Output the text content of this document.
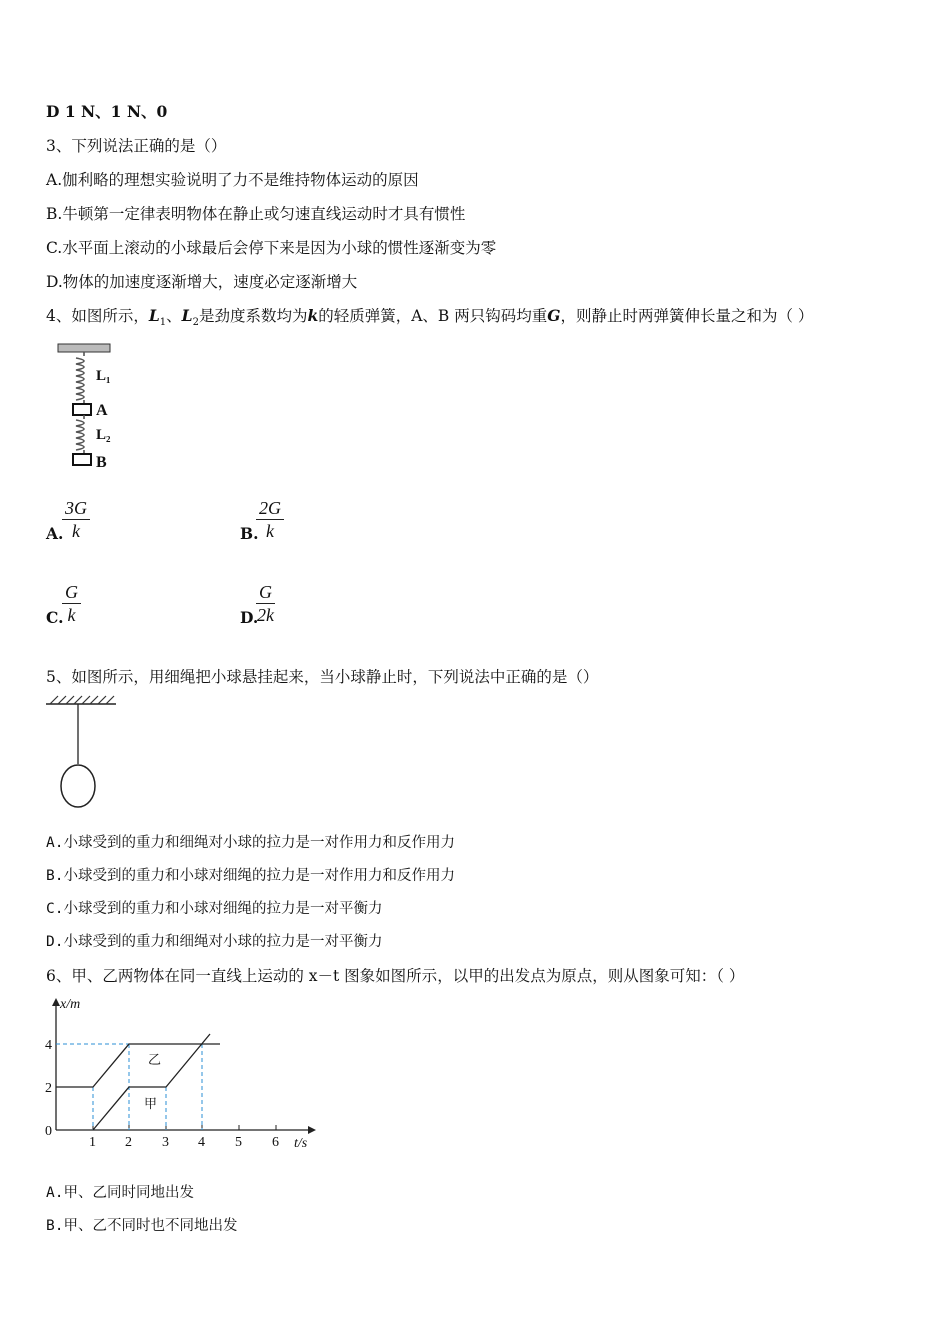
D 1 N、1 N、0
3、下列说法正确的是（）
A.伽利略的理想实验说明了力不是维持物体运动的原因
B.牛顿第一定律表明物体在静止或匀速直线运动时才具有惯性
C.水平面上滚动的小球最后会停下来是因为小球的惯性逐渐变为零
D.物体的加速度逐渐增大，速度必定逐渐增大
4、如图所示，$L_1$、$L_2$是劲度系数均为k的轻质弹簧，A、B 两只钩码均重G，则静止时两弹簧伸长量之和为（ ）
L₁
A
L₂
B
A.
$\frac{3G}{k}$	B.
$\frac{2G}{k}$
C.
$\frac{G}{k}$	D.
$\frac{G}{2k}$
5、如图所示，用细绳把小球悬挂起来，当小球静止时，下列说法中正确的是（）
A.小球受到的重力和细绳对小球的拉力是一对作用力和反作用力
B.小球受到的重力和小球对细绳的拉力是一对作用力和反作用力
C.小球受到的重力和小球对细绳的拉力是一对平衡力
D.小球受到的重力和细绳对小球的拉力是一对平衡力
6、甲、乙两物体在同一直线上运动的 x－t 图象如图所示，以甲的出发点为原点，则从图象可知：（ ）
x/m
t/s
0
2
4
1 2 3 4 5 6
乙
甲
A.甲、乙同时同地出发
B.甲、乙不同时也不同地出发
